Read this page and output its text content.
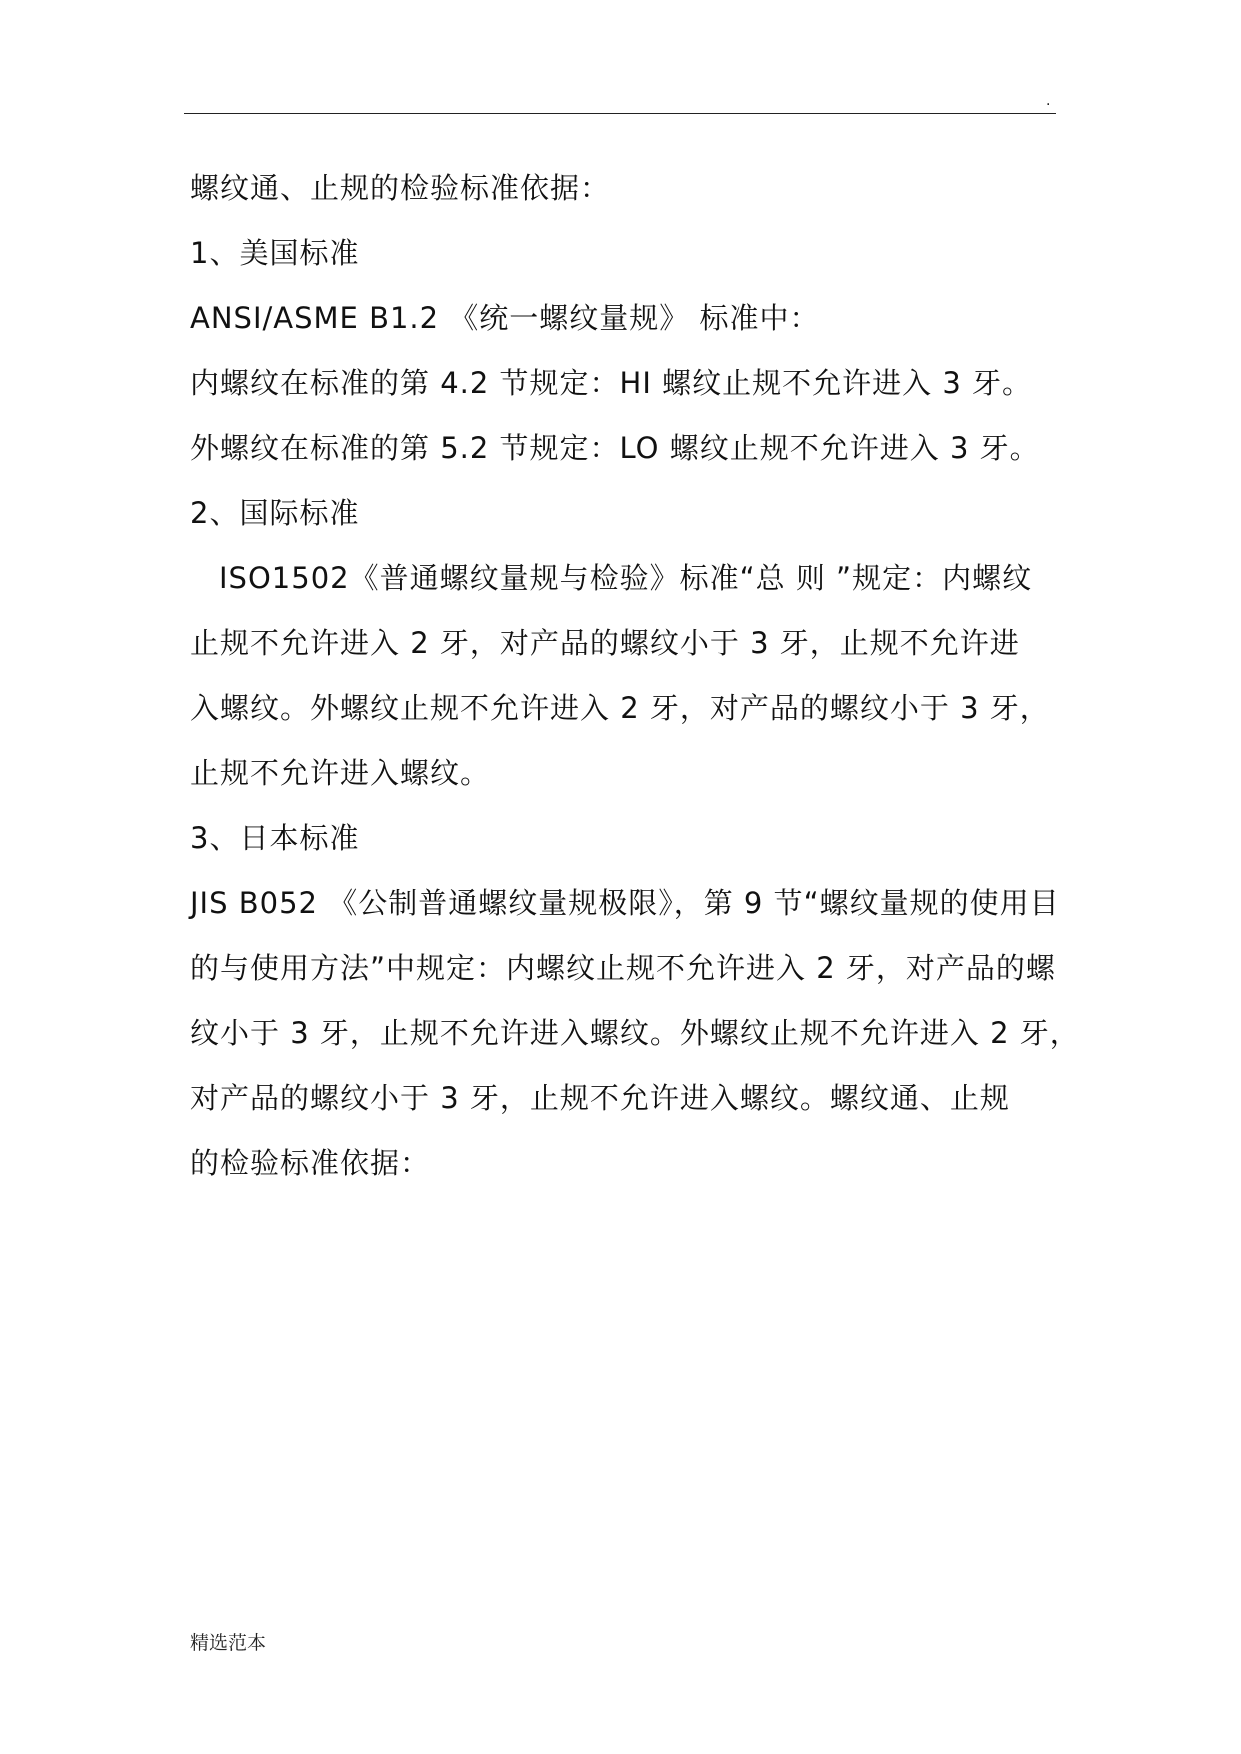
.
螺纹通、止规的检验标准依据：
1、美国标准
ANSI/ASME B1.2 《统一螺纹量规》 标准中：
内螺纹在标准的第 4.2 节规定：HI 螺纹止规不允许进入 3 牙。
外螺纹在标准的第 5.2 节规定：LO 螺纹止规不允许进入 3 牙。
2、国际标准
ISO1502《普通螺纹量规与检验》标准“总 则 ”规定：内螺纹
止规不允许进入 2 牙，对产品的螺纹小于 3 牙，止规不允许进
入螺纹。外螺纹止规不允许进入 2 牙，对产品的螺纹小于 3 牙，
止规不允许进入螺纹。
3、日本标准
JIS B052 《公制普通螺纹量规极限》，第 9 节“螺纹量规的使用目
的与使用方法”中规定：内螺纹止规不允许进入 2 牙，对产品的螺
纹小于 3 牙，止规不允许进入螺纹。外螺纹止规不允许进入 2 牙，
对产品的螺纹小于 3 牙，止规不允许进入螺纹。螺纹通、止规
的检验标准依据：
精选范本
